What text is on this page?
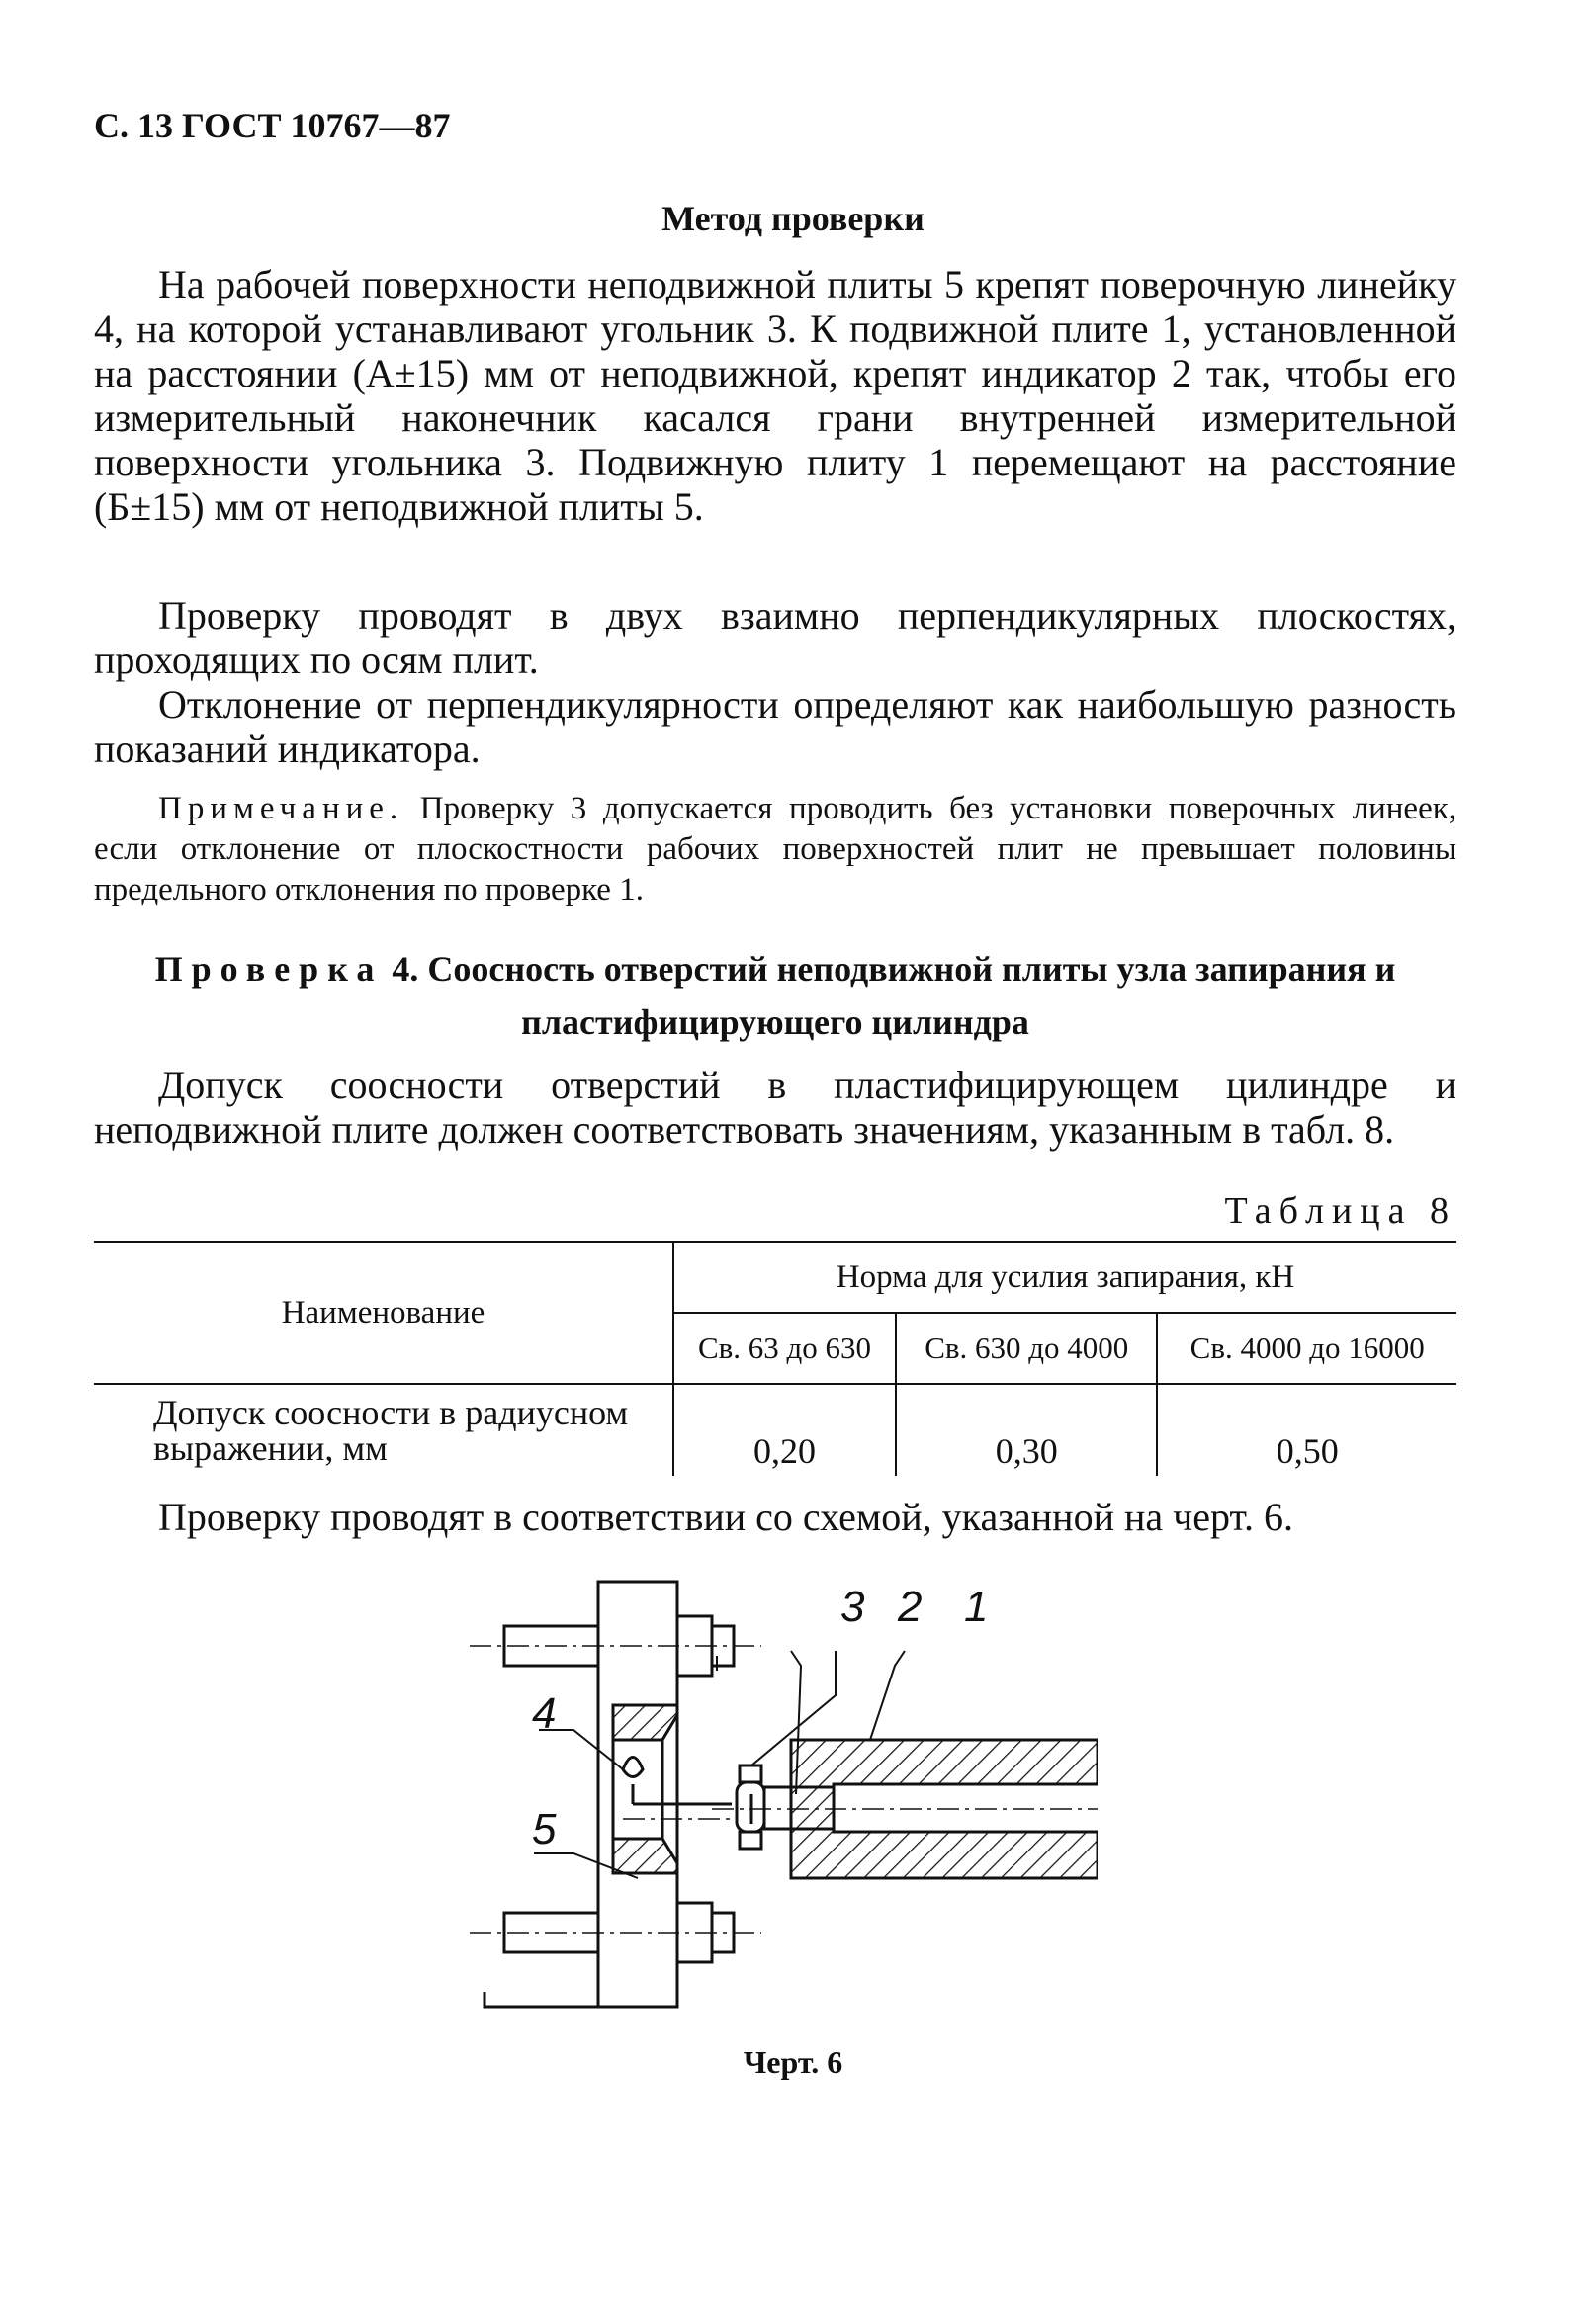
С. 13 ГОСТ 10767—87

Метод проверки

На рабочей поверхности неподвижной плиты 5 крепят поверочную линейку 4, на которой устанавливают угольник 3. К подвижной плите 1, установленной на расстоянии (А±15) мм от неподвижной, крепят индикатор 2 так, чтобы его измерительный наконечник касался грани внутренней измерительной поверхности угольника 3. Подвижную плиту 1 перемещают на расстояние (Б±15) мм от неподвижной плиты 5.

Проверку проводят в двух взаимно перпендикулярных плоскостях, проходящих по осям плит.

Отклонение от перпендикулярности определяют как наибольшую разность показаний индикатора.

Примечание. Проверку 3 допускается проводить без установки поверочных линеек, если отклонение от плоскостности рабочих поверхностей плит не превышает половины предельного отклонения по проверке 1.

Проверка 4. Соосность отверстий неподвижной плиты узла запирания и пластифицирующего цилиндра

Допуск соосности отверстий в пластифицирующем цилиндре и неподвижной плите должен соответствовать значениям, указанным в табл. 8.

Таблица 8

Наименование	Норма для усилия запирания, кН		
	Св. 63 до 630	Св. 630 до 4000	Св. 4000 до 16000
Допуск соосности в радиусном выражении, мм	0,20	0,30	0,50

Проверку проводят в соответствии со схемой, указанной на черт. 6.

3 2 1
4
5

Черт. 6
